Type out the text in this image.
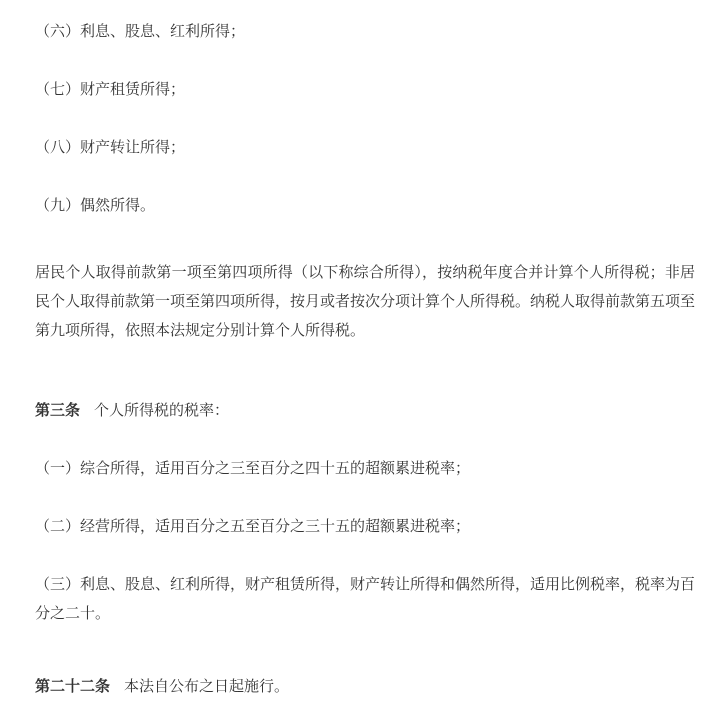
（六）利息、股息、红利所得；

（七）财产租赁所得；

（八）财产转让所得；

（九）偶然所得。

居民个人取得前款第一项至第四项所得（以下称综合所得），按纳税年度合并计算个人所得税；非居民个人取得前款第一项至第四项所得，按月或者按次分项计算个人所得税。纳税人取得前款第五项至第九项所得，依照本法规定分别计算个人所得税。

第三条 个人所得税的税率：

（一）综合所得，适用百分之三至百分之四十五的超额累进税率；

（二）经营所得，适用百分之五至百分之三十五的超额累进税率；

（三）利息、股息、红利所得，财产租赁所得，财产转让所得和偶然所得，适用比例税率，税率为百分之二十。

第二十二条 本法自公布之日起施行。
